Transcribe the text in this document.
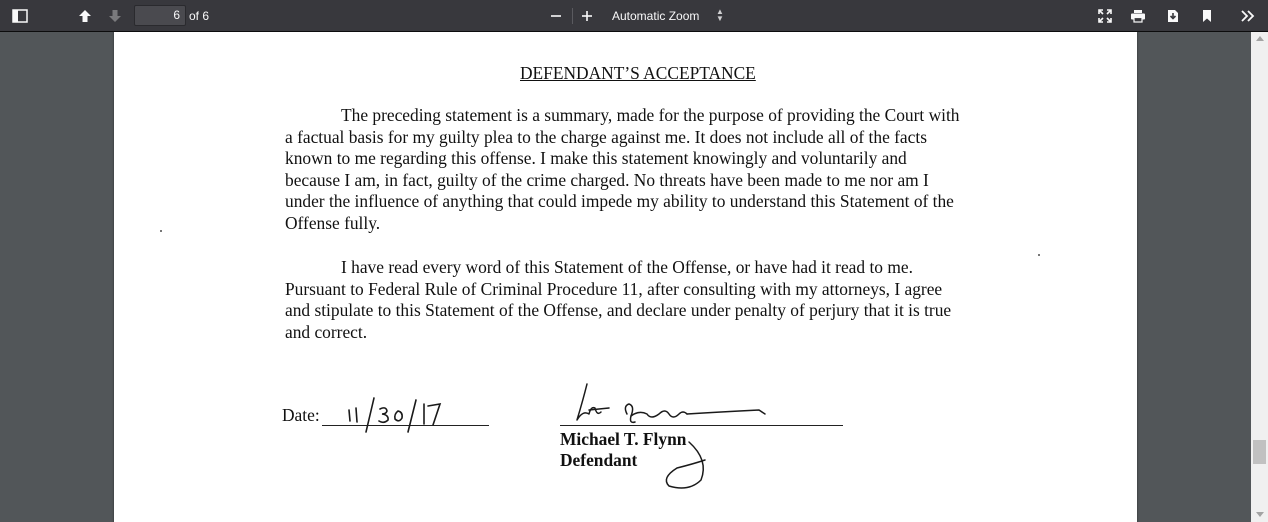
6 of 6	Automatic Zoom ▲
▼
DEFENDANT’S ACCEPTANCE
The preceding statement is a summary, made for the purpose of providing the Court with
a factual basis for my guilty plea to the charge against me. It does not include all of the facts
known to me regarding this offense. I make this statement knowingly and voluntarily and
because I am, in fact, guilty of the crime charged. No threats have been made to me nor am I
under the influence of anything that could impede my ability to understand this Statement of the
Offense fully.
I have read every word of this Statement of the Offense, or have had it read to me.
Pursuant to Federal Rule of Criminal Procedure 11, after consulting with my attorneys, I agree
and stipulate to this Statement of the Offense, and declare under penalty of perjury that it is true
and correct.
Date:
Michael T. Flynn
Defendant
